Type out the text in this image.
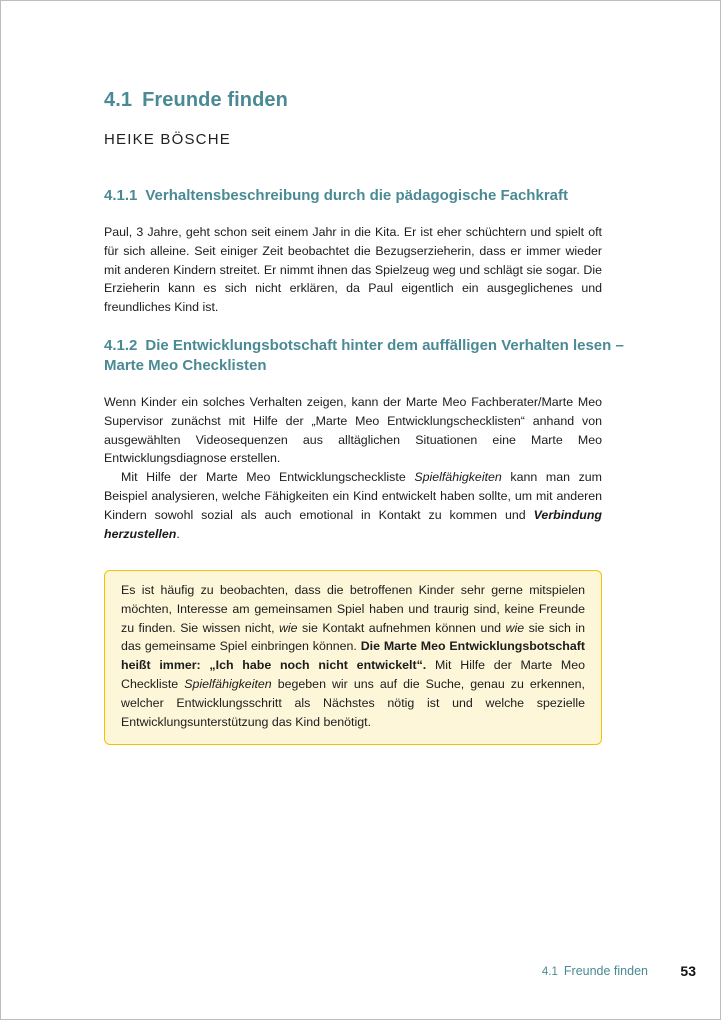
4.1 Freunde finden
HEIKE BÖSCHE
4.1.1 Verhaltensbeschreibung durch die pädagogische Fachkraft

Paul, 3 Jahre, geht schon seit einem Jahr in die Kita. Er ist eher schüchtern und spielt oft für sich alleine. Seit einiger Zeit beobachtet die Bezugserzieherin, dass er immer wieder mit anderen Kindern streitet. Er nimmt ihnen das Spielzeug weg und schlägt sie sogar. Die Erzieherin kann es sich nicht erklären, da Paul eigentlich ein ausgeglichenes und freundliches Kind ist.

4.1.2 Die Entwicklungsbotschaft hinter dem auffälligen Verhalten lesen –
Marte Meo Checklisten

Wenn Kinder ein solches Verhalten zeigen, kann der Marte Meo Fachberater/Marte Meo Supervisor zunächst mit Hilfe der „Marte Meo Entwicklungschecklisten“ anhand von ausgewählten Videosequenzen aus alltäglichen Situationen eine Marte Meo Entwicklungsdiagnose erstellen.

Mit Hilfe der Marte Meo Entwicklungscheckliste Spielfähigkeiten kann man zum Beispiel analysieren, welche Fähigkeiten ein Kind entwickelt haben sollte, um mit anderen Kindern sowohl sozial als auch emotional in Kontakt zu kommen und Verbindung herzustellen.

Es ist häufig zu beobachten, dass die betroffenen Kinder sehr gerne mitspielen möchten, Interesse am gemeinsamen Spiel haben und traurig sind, keine Freunde zu finden. Sie wissen nicht, wie sie Kontakt aufnehmen können und wie sie sich in das gemeinsame Spiel einbringen können. Die Marte Meo Entwicklungsbotschaft heißt immer: „Ich habe noch nicht entwickelt“. Mit Hilfe der Marte Meo Checkliste Spielfähigkeiten begeben wir uns auf die Suche, genau zu erkennen, welcher Entwicklungsschritt als Nächstes nötig ist und welche spezielle Entwicklungsunterstützung das Kind benötigt.
4.1 Freunde finden 53
